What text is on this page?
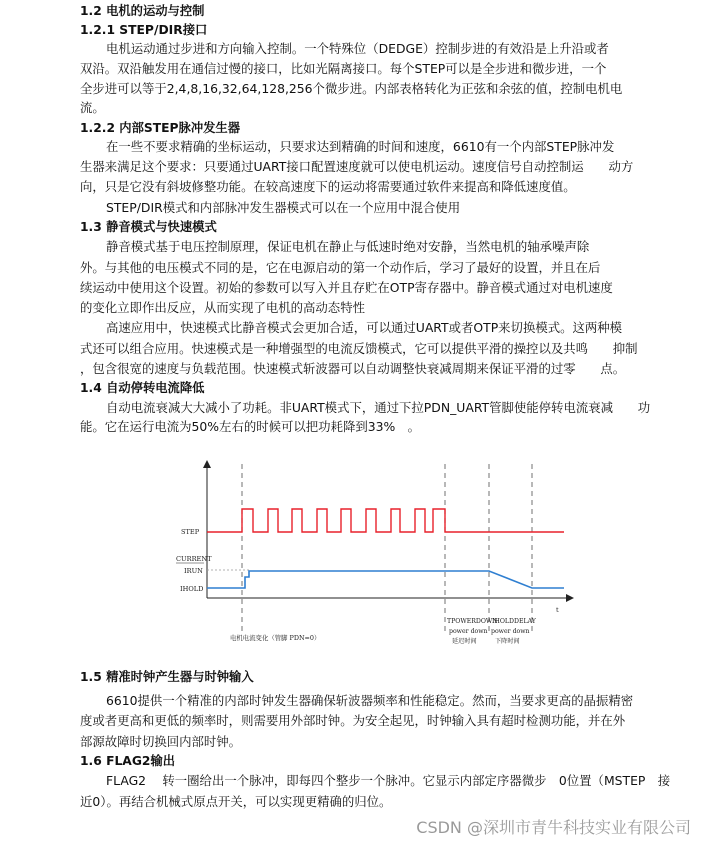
1.2 电机的运动与控制
1.2.1 STEP/DIR接口
电机运动通过步进和方向输入控制。一个特殊位（DEDGE）控制步进的有效沿是上升沿或者
双沿。双沿触发用在通信过慢的接口，比如光隔离接口。每个STEP可以是全步进和微步进，一个
全步进可以等于2,4,8,16,32,64,128,256个微步进。内部表格转化为正弦和余弦的值，控制电机电
流。
1.2.2 内部STEP脉冲发生器
在一些不要求精确的坐标运动，只要求达到精确的时间和速度，6610有一个内部STEP脉冲发
生器来满足这个要求：只要通过UART接口配置速度就可以使电机运动。速度信号自动控制运　　动方
向，只是它没有斜坡修整功能。在较高速度下的运动将需要通过软件来提高和降低速度值。
STEP/DIR模式和内部脉冲发生器模式可以在一个应用中混合使用
1.3 静音模式与快速模式
静音模式基于电压控制原理，保证电机在静止与低速时绝对安静，当然电机的轴承噪声除
外。与其他的电压模式不同的是，它在电源启动的第一个动作后，学习了最好的设置，并且在后
续运动中使用这个设置。初始的参数可以写入并且存贮在OTP寄存器中。静音模式通过对电机速度
的变化立即作出反应，从而实现了电机的高动态特性
高速应用中，快速模式比静音模式会更加合适，可以通过UART或者OTP来切换模式。这两种模
式还可以组合应用。快速模式是一种增强型的电流反馈模式，它可以提供平滑的操控以及共鸣　　抑制
，包含很宽的速度与负载范围。快速模式斩波器可以自动调整快衰减周期来保证平滑的过零　　点。
1.4 自动停转电流降低
自动电流衰减大大减小了功耗。非UART模式下，通过下拉PDN_UART管脚使能停转电流衰减　　功
能。它在运行电流为50%左右的时候可以把功耗降到33%　。
t
STEP
CURRENT
IRUN
IHOLD
电机电流变化（管脚 PDN=0）
TPOWERDOWN
power down
延迟时间
IHOLDDELAY
power down
下降时间
1.5 精准时钟产生器与时钟输入
6610提供一个精准的内部时钟发生器确保斩波器频率和性能稳定。然而，当要求更高的晶振精密
度或者更高和更低的频率时，则需要用外部时钟。为安全起见，时钟输入具有超时检测功能，并在外
部源故障时切换回内部时钟。
1.6 FLAG2输出
FLAG2　 转一圈给出一个脉冲，即每四个整步一个脉冲。它显示内部定序器微步　0位置（MSTEP　接
近0）。再结合机械式原点开关，可以实现更精确的归位。
CSDN @深圳市青牛科技实业有限公司
